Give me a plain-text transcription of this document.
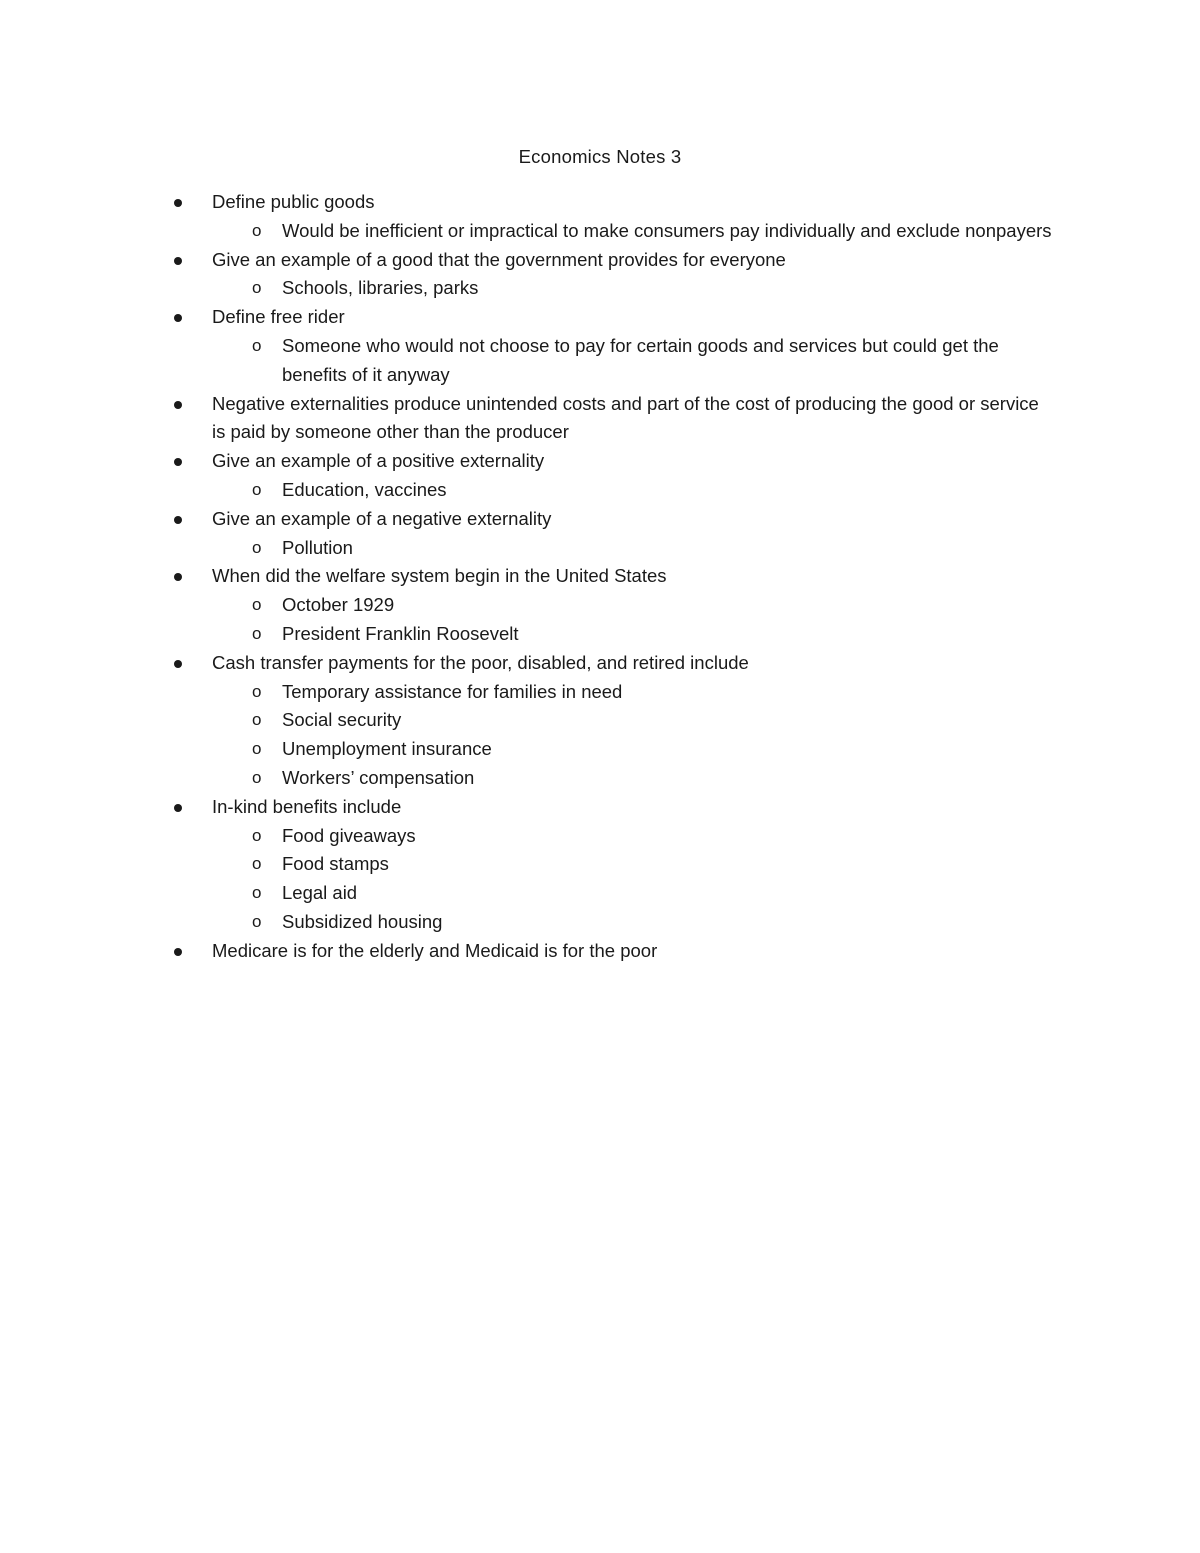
Economics Notes 3
Define public goods
o Would be inefficient or impractical to make consumers pay individually and exclude nonpayers
Give an example of a good that the government provides for everyone
o Schools, libraries, parks
Define free rider
o Someone who would not choose to pay for certain goods and services but could get the benefits of it anyway
Negative externalities produce unintended costs and part of the cost of producing the good or service is paid by someone other than the producer
Give an example of a positive externality
o Education, vaccines
Give an example of a negative externality
o Pollution
When did the welfare system begin in the United States
o October 1929
o President Franklin Roosevelt
Cash transfer payments for the poor, disabled, and retired include
o Temporary assistance for families in need
o Social security
o Unemployment insurance
o Workers’ compensation
In-kind benefits include
o Food giveaways
o Food stamps
o Legal aid
o Subsidized housing
Medicare is for the elderly and Medicaid is for the poor
